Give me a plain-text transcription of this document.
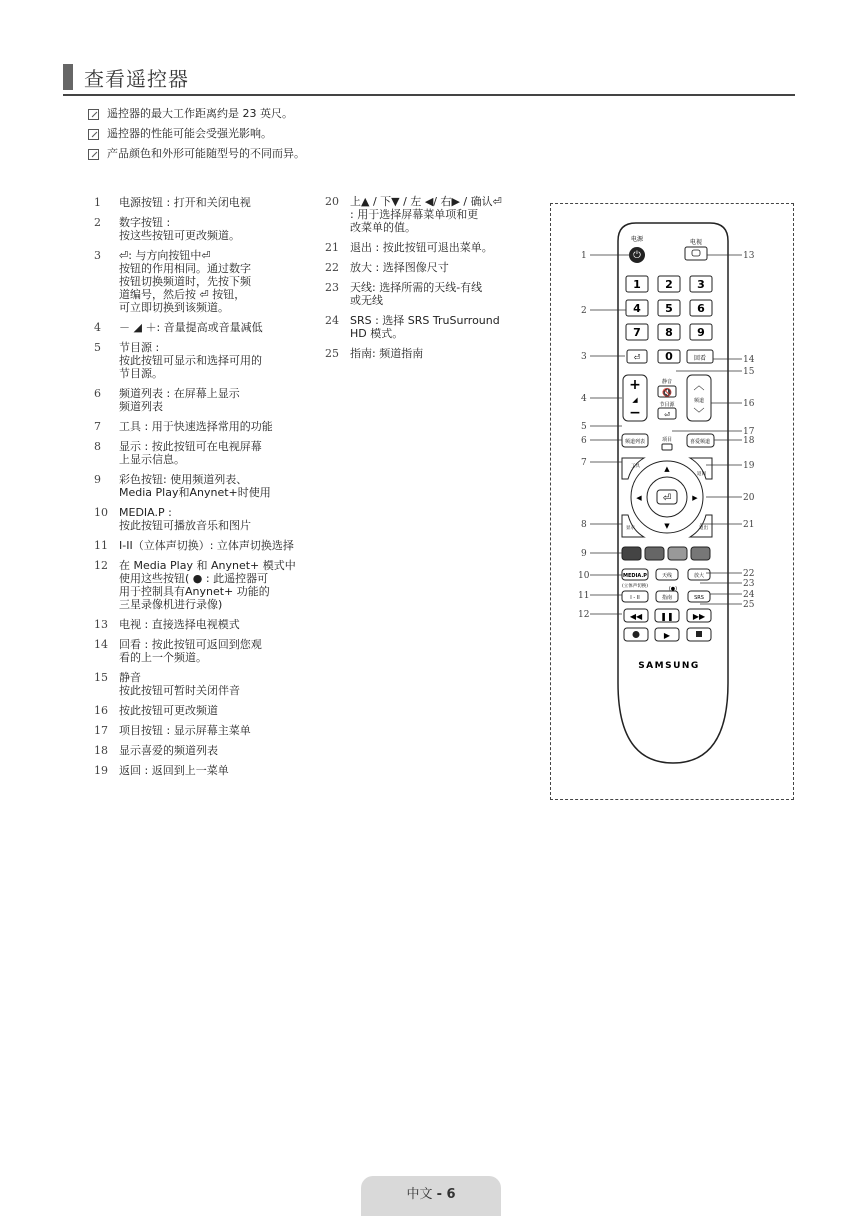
查看遥控器
遥控器的最大工作距离约是 23 英尺。
遥控器的性能可能会受强光影响。
产品颜色和外形可能随型号的不同而异。
1	电源按钮 : 打开和关闭电视
2	数字按钮 :
按这些按钮可更改频道。
3	⏎: 与方向按钮中⏎
按钮的作用相同。通过数字
按钮切换频道时，先按下频
道编号，然后按 ⏎ 按钮，
可立即切换到该频道。
4	－ ◢ ＋: 音量提高或音量减低
5	节目源 :
按此按钮可显示和选择可用的
节目源。
6	频道列表 : 在屏幕上显示
频道列表
7	工具 : 用于快速选择常用的功能
8	显示 : 按此按钮可在电视屏幕
上显示信息。
9	彩色按钮: 使用频道列表、
Media Play和Anynet+时使用
10	MEDIA.P :
按此按钮可播放音乐和图片
11	I-II（立体声切换）: 立体声切换选择
12	在 Media Play 和 Anynet+ 模式中
使用这些按钮( ● : 此遥控器可
用于控制具有Anynet+ 功能的
三星录像机进行录像)
13	电视 : 直接选择电视模式
14	回看 : 按此按钮可返回到您观
看的上一个频道。
15	静音
按此按钮可暂时关闭伴音
16	按此按钮可更改频道
17	项目按钮 : 显示屏幕主菜单
18	显示喜爱的频道列表
19	返回 : 返回到上一菜单
20	上▲ / 下▼ / 左 ◀/ 右▶ / 确认⏎
: 用于选择屏幕菜单项和更
改菜单的值。
21	退出 : 按此按钮可退出菜单。
22	放大 : 选择图像尺寸
23	天线: 选择所需的天线-有线
或无线
24	SRS : 选择 SRS TruSurround
HD 模式。
25	指南: 频道指南
电源
⏻
电视
1 2 3
4 5 6
7 8 9
0
⏎	回看
+
◢
−
静音
🔇
节目源
⏎
︿
频道
﹀
频道列表	项目	喜爱频道
⏎
▲
▼
◀	▶
工具
返回
显示	退出
MEDIA.P
(立体声切换)
天线	放大
I - II	指南	SRS
(●)
◀◀ ❚❚ ▶▶
▶
SAMSUNG
1
2
3
4
5
6
7
8
9
10
11
12
13
14
15
16
17
18
19
20
21
22
23
24
25
中文 - 6
